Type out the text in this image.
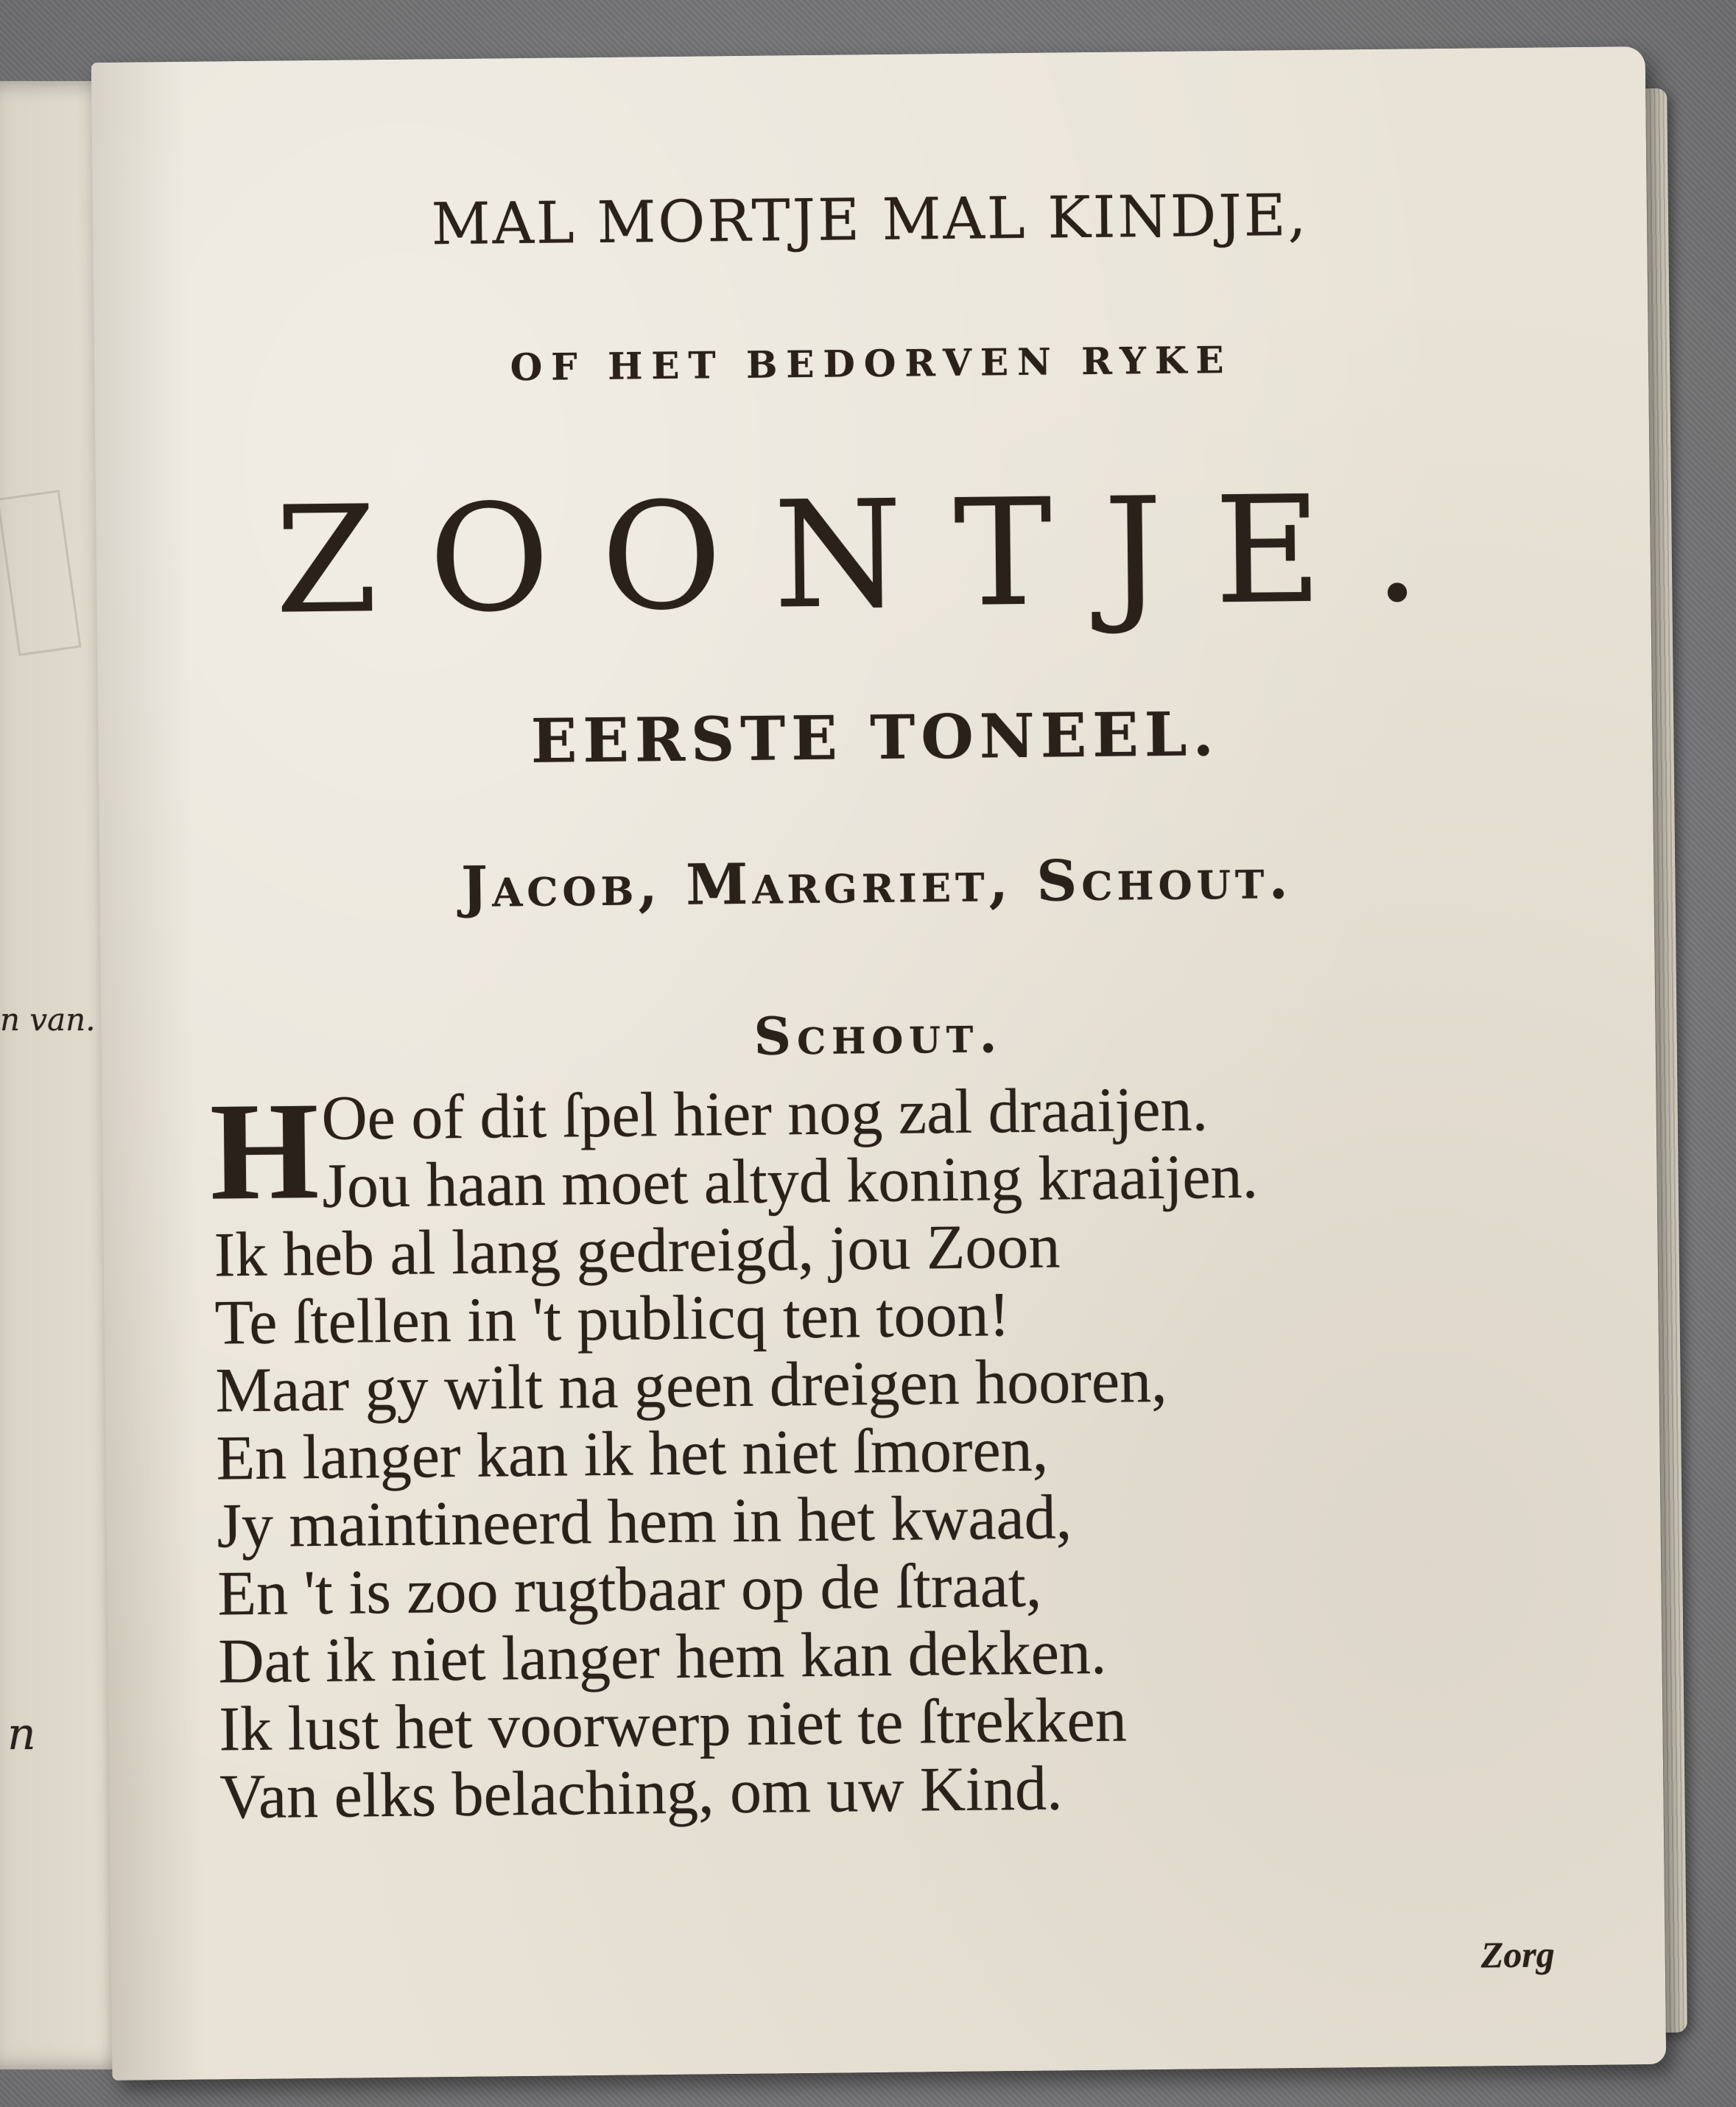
n van.
n
MAL MORTJE MAL KINDJE,
OF HET BEDORVEN RYKE
ZOONTJE.
EERSTE TONEEL.
Jacob, Margriet, Schout.
Schout.
H Oe of dit ſpel hier nog zal draaijen.
Jou haan moet altyd koning kraaijen.
Ik heb al lang gedreigd, jou Zoon
Te ſtellen in 't publicq ten toon!
Maar gy wilt na geen dreigen hooren,
En langer kan ik het niet ſmoren,
Jy maintineerd hem in het kwaad,
En 't is zoo rugtbaar op de ſtraat,
Dat ik niet langer hem kan dekken.
Ik lust het voorwerp niet te ſtrekken
Van elks belaching, om uw Kind.
Zorg
